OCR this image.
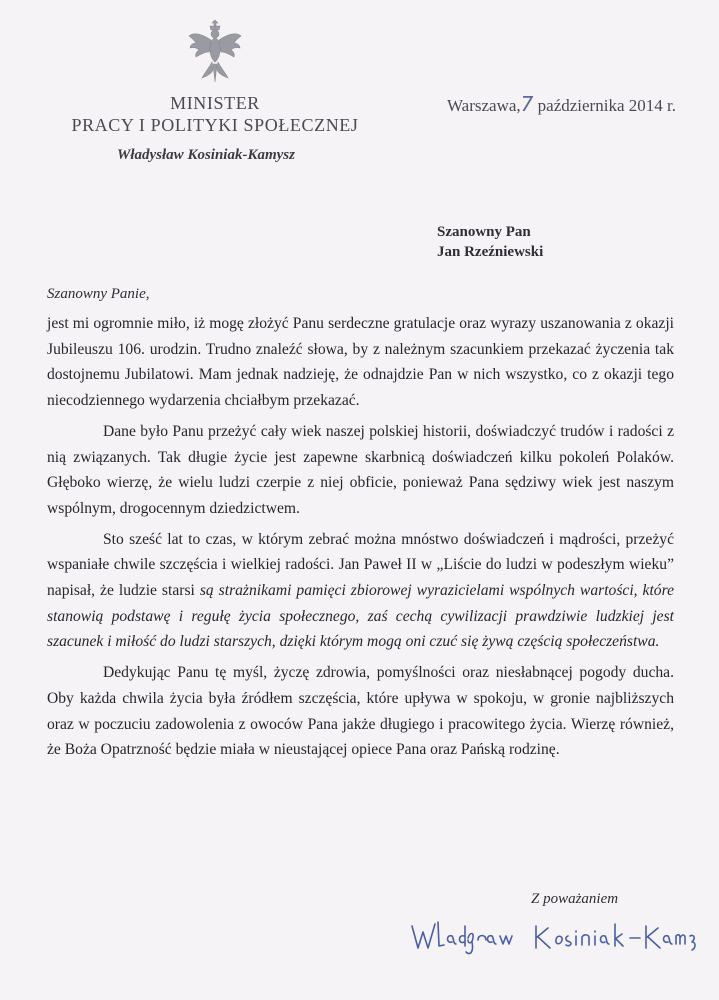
MINISTER
PRACY I POLITYKI SPOŁECZNEJ
Władysław Kosiniak-Kamysz
Warszawa,7 października 2014 r.
Szanowny Pan
Jan Rzeźniewski
Szanowny Panie,

jest mi ogromnie miło, iż mogę złożyć Panu serdeczne gratulacje oraz wyrazy uszanowania z okazji Jubileuszu 106. urodzin. Trudno znaleźć słowa, by z należnym szacunkiem przekazać życzenia tak dostojnemu Jubilatowi. Mam jednak nadzieję, że odnajdzie Pan w nich wszystko, co z okazji tego niecodziennego wydarzenia chciałbym przekazać.

Dane było Panu przeżyć cały wiek naszej polskiej historii, doświadczyć trudów i radości z nią związanych. Tak długie życie jest zapewne skarbnicą doświadczeń kilku pokoleń Polaków. Głęboko wierzę, że wielu ludzi czerpie z niej obficie, ponieważ Pana sędziwy wiek jest naszym wspólnym, drogocennym dziedzictwem.

Sto sześć lat to czas, w którym zebrać można mnóstwo doświadczeń i mądrości, przeżyć wspaniałe chwile szczęścia i wielkiej radości. Jan Paweł II w „Liście do ludzi w podeszłym wieku” napisał, że ludzie starsi są strażnikami pamięci zbiorowej wyrazicielami wspólnych wartości, które stanowią podstawę i regułę życia społecznego, zaś cechą cywilizacji prawdziwie ludzkiej jest szacunek i miłość do ludzi starszych, dzięki którym mogą oni czuć się żywą częścią społeczeństwa.

Dedykując Panu tę myśl, życzę zdrowia, pomyślności oraz niesłabnącej pogody ducha. Oby każda chwila życia była źródłem szczęścia, które upływa w spokoju, w gronie najbliższych oraz w poczuciu zadowolenia z owoców Pana jakże długiego i pracowitego życia. Wierzę również, że Boża Opatrzność będzie miała w nieustającej opiece Pana oraz Pańską rodzinę.

Z poważaniem
